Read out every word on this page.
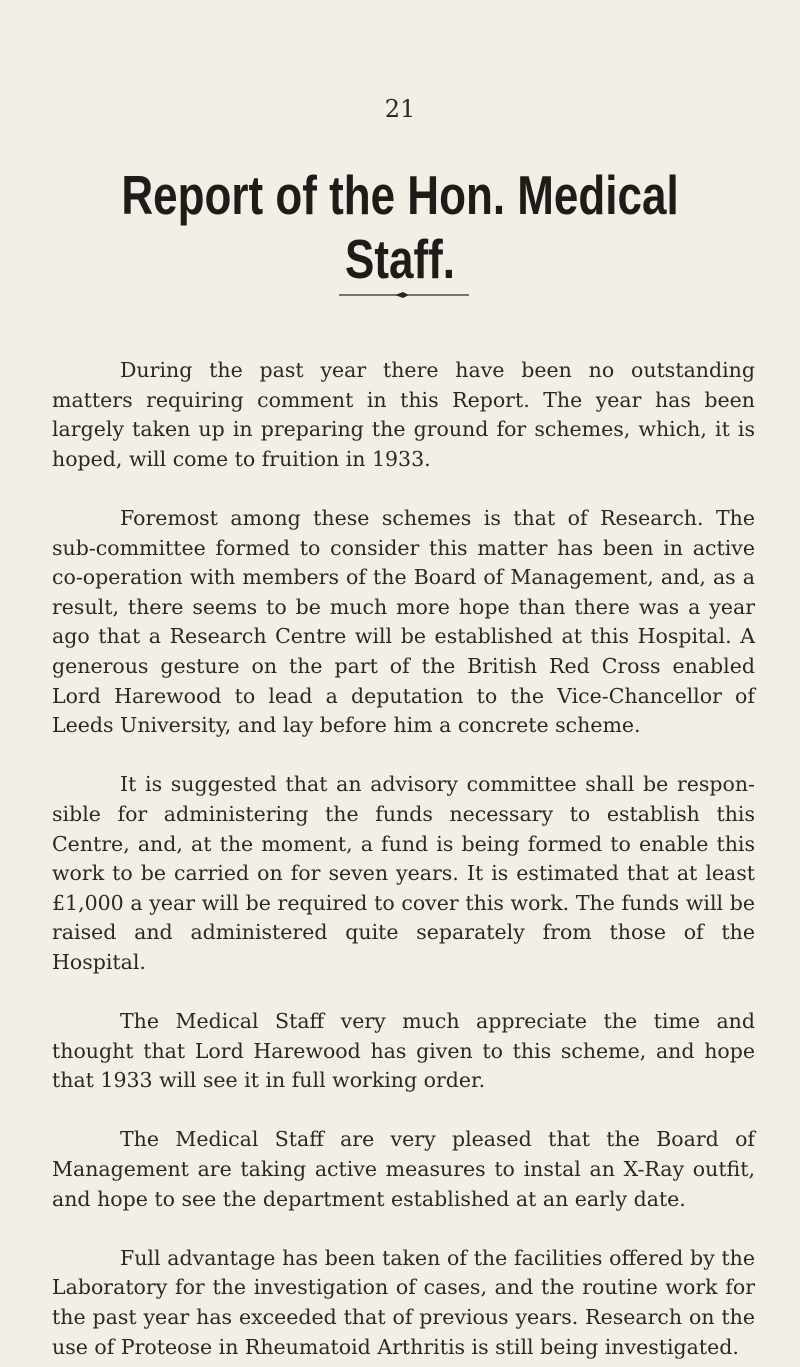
21
Report of the Hon. Medical Staff.

During the past year there have been no outstanding matters requiring comment in this Report. The year has been largely taken up in preparing the ground for schemes, which, it is hoped, will come to fruition in 1933.

Foremost among these schemes is that of Research. The sub-committee formed to consider this matter has been in active co-operation with members of the Board of Management, and, as a result, there seems to be much more hope than there was a year ago that a Research Centre will be established at this Hospital. A generous gesture on the part of the British Red Cross enabled Lord Harewood to lead a deputation to the Vice-Chancellor of Leeds University, and lay before him a concrete scheme.

It is suggested that an advisory committee shall be respon-sible for administering the funds necessary to establish this Centre, and, at the moment, a fund is being formed to enable this work to be carried on for seven years. It is estimated that at least £1,000 a year will be required to cover this work. The funds will be raised and administered quite separately from those of the Hospital.

The Medical Staff very much appreciate the time and thought that Lord Harewood has given to this scheme, and hope that 1933 will see it in full working order.

The Medical Staff are very pleased that the Board of Management are taking active measures to instal an X-Ray outfit, and hope to see the department established at an early date.

Full advantage has been taken of the facilities offered by the Laboratory for the investigation of cases, and the routine work for the past year has exceeded that of previous years. Research on the use of Proteose in Rheumatoid Arthritis is still being investigated.
